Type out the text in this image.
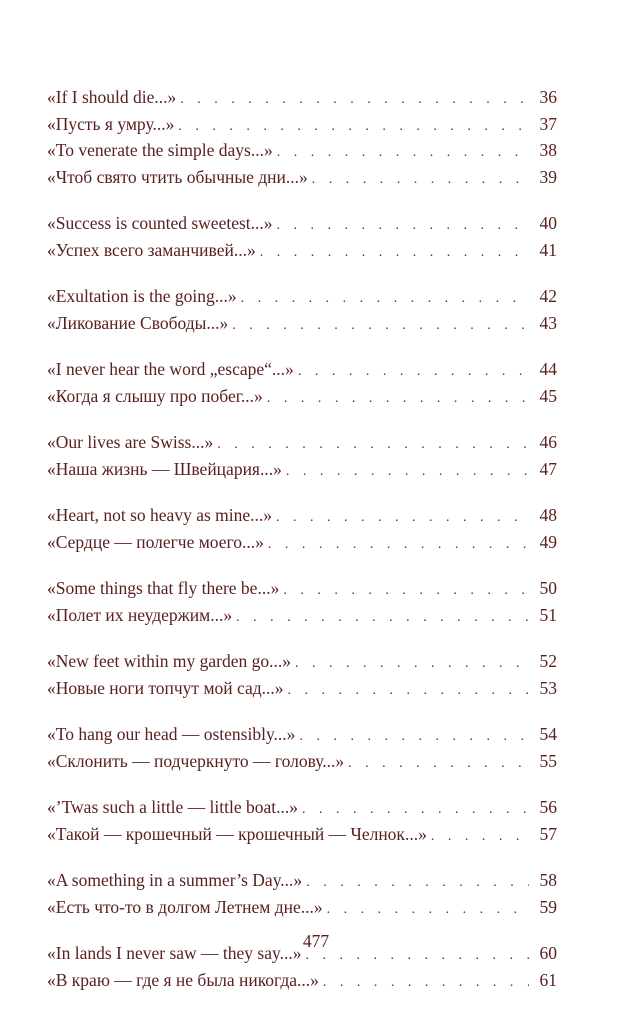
«If I should die...» . . .	36
«Пусть я умру...» . . .	37
«To venerate the simple days...» . . .	38
«Чтоб свято чтить обычные дни...» . . .	39
«Success is counted sweetest...» . . .	40
«Успех всего заманчивей...» . . .	41
«Exultation is the going...» . . .	42
«Ликование Свободы...» . . .	43
«I never hear the word „escape“...» . . .	44
«Когда я слышу про побег...» . . .	45
«Our lives are Swiss...» . . .	46
«Наша жизнь — Швейцария...» . . .	47
«Heart, not so heavy as mine...» . . .	48
«Сердце — полегче моего...» . . .	49
«Some things that fly there be...» . . .	50
«Полет их неудержим...» . . .	51
«New feet within my garden go...» . . .	52
«Новые ноги топчут мой сад...» . . .	53
«To hang our head — ostensibly...» . . .	54
«Склонить — подчеркнуто — голову...» . . .	55
«’Twas such a little — little boat...» . . .	56
«Такой — крошечный — крошечный — Челнок...» . . .	57
«A something in a summer’s Day...» . . .	58
«Есть что-то в долгом Летнем дне...» . . .	59
«In lands I never saw — they say...» . . .	60
«В краю — где я не была никогда...» . . .	61
477
